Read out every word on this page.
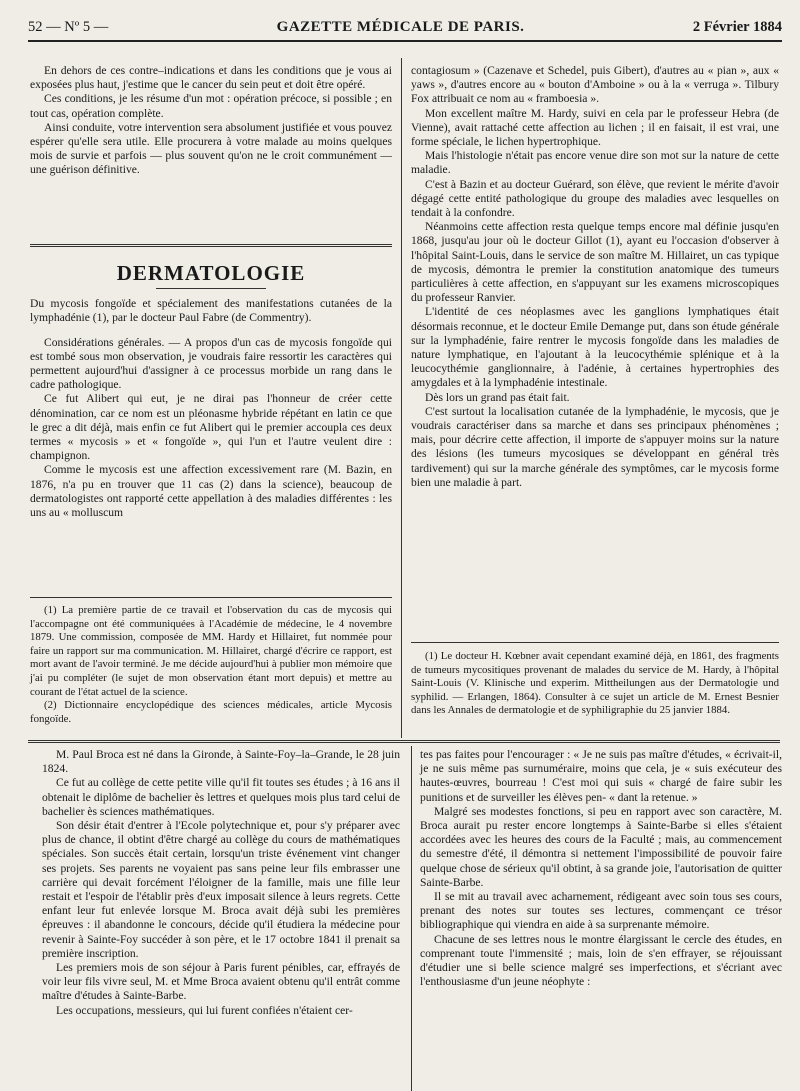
52 — Nº 5 —	GAZETTE MÉDICALE DE PARIS.	2 Février 1884

En dehors de ces contre–indications et dans les conditions que je vous ai exposées plus haut, j'estime que le cancer du sein peut et doit être opéré.

Ces conditions, je les résume d'un mot : opération précoce, si possible ; en tout cas, opération complète.

Ainsi conduite, votre intervention sera absolument justifiée et vous pouvez espérer qu'elle sera utile. Elle procurera à votre malade au moins quelques mois de survie et parfois — plus souvent qu'on ne le croit communément — une guérison définitive.

DERMATOLOGIE

Du mycosis fongoïde et spécialement des manifestations cutanées de la lymphadénie (1), par le docteur Paul Fabre (de Commentry).

Considérations générales. — A propos d'un cas de mycosis fongoïde qui est tombé sous mon observation, je voudrais faire ressortir les caractères qui permettent aujourd'hui d'assigner à ce processus morbide un rang dans le cadre pathologique.

Ce fut Alibert qui eut, je ne dirai pas l'honneur de créer cette dénomination, car ce nom est un pléonasme hybride répétant en latin ce que le grec a dit déjà, mais enfin ce fut Alibert qui le premier accoupla ces deux termes « mycosis » et « fongoïde », qui l'un et l'autre veulent dire : champignon.

Comme le mycosis est une affection excessivement rare (M. Bazin, en 1876, n'a pu en trouver que 11 cas (2) dans la science), beaucoup de dermatologistes ont rapporté cette appellation à des maladies différentes : les uns au « molluscum

(1) La première partie de ce travail et l'observation du cas de mycosis qui l'accompagne ont été communiquées à l'Académie de médecine, le 4 novembre 1879. Une commission, composée de MM. Hardy et Hillairet, fut nommée pour faire un rapport sur ma communication. M. Hillairet, chargé d'écrire ce rapport, est mort avant de l'avoir terminé. Je me décide aujourd'hui à publier mon mémoire que j'ai pu compléter (le sujet de mon observation étant mort depuis) et mettre au courant de l'état actuel de la science.

(2) Dictionnaire encyclopédique des sciences médicales, article Mycosis fongoïde.

contagiosum » (Cazenave et Schedel, puis Gibert), d'autres au « pian », aux « yaws », d'autres encore au « bouton d'Amboine » ou à la « verruga ». Tilbury Fox attribuait ce nom au « framboesia ».

Mon excellent maître M. Hardy, suivi en cela par le professeur Hebra (de Vienne), avait rattaché cette affection au lichen ; il en faisait, il est vrai, une forme spéciale, le lichen hypertrophique.

Mais l'histologie n'était pas encore venue dire son mot sur la nature de cette maladie.

C'est à Bazin et au docteur Guérard, son élève, que revient le mérite d'avoir dégagé cette entité pathologique du groupe des maladies avec lesquelles on tendait à la confondre.

Néanmoins cette affection resta quelque temps encore mal définie jusqu'en 1868, jusqu'au jour où le docteur Gillot (1), ayant eu l'occasion d'observer à l'hôpital Saint-Louis, dans le service de son maître M. Hillairet, un cas typique de mycosis, démontra le premier la constitution anatomique des tumeurs particulières à cette affection, en s'appuyant sur les examens microscopiques du professeur Ranvier.

L'identité de ces néoplasmes avec les ganglions lymphatiques était désormais reconnue, et le docteur Emile Demange put, dans son étude générale sur la lymphadénie, faire rentrer le mycosis fongoïde dans les maladies de nature lymphatique, en l'ajoutant à la leucocythémie splénique et à la leucocythémie ganglionnaire, à l'adénie, à certaines hypertrophies des amygdales et à la lymphadénie intestinale.

Dès lors un grand pas était fait.

C'est surtout la localisation cutanée de la lymphadénie, le mycosis, que je voudrais caractériser dans sa marche et dans ses principaux phénomènes ; mais, pour décrire cette affection, il importe de s'appuyer moins sur la nature des lésions (les tumeurs mycosiques se développant en général très tardivement) qui sur la marche générale des symptômes, car le mycosis forme bien une maladie à part.

(1) Le docteur H. Kœbner avait cependant examiné déjà, en 1861, des fragments de tumeurs mycositiques provenant de malades du service de M. Hardy, à l'hôpital Saint-Louis (V. Klinische und experim. Mittheilungen aus der Dermatologie und syphilid. — Erlangen, 1864). Consulter à ce sujet un article de M. Ernest Besnier dans les Annales de dermatologie et de syphiligraphie du 25 janvier 1884.

M. Paul Broca est né dans la Gironde, à Sainte-Foy–la–Grande, le 28 juin 1824.

Ce fut au collège de cette petite ville qu'il fit toutes ses études ; à 16 ans il obtenait le diplôme de bachelier ès lettres et quelques mois plus tard celui de bachelier ès sciences mathématiques.

Son désir était d'entrer à l'Ecole polytechnique et, pour s'y préparer avec plus de chance, il obtint d'être chargé au collège du cours de mathématiques spéciales. Son succès était certain, lorsqu'un triste événement vint changer ses projets. Ses parents ne voyaient pas sans peine leur fils embrasser une carrière qui devait forcément l'éloigner de la famille, mais une fille leur restait et l'espoir de l'établir près d'eux imposait silence à leurs regrets. Cette enfant leur fut enlevée lorsque M. Broca avait déjà subi les premières épreuves : il abandonne le concours, décide qu'il étudiera la médecine pour revenir à Sainte-Foy succéder à son père, et le 17 octobre 1841 il prenait sa première inscription.

Les premiers mois de son séjour à Paris furent pénibles, car, effrayés de voir leur fils vivre seul, M. et Mme Broca avaient obtenu qu'il entrât comme maître d'études à Sainte-Barbe.

Les occupations, messieurs, qui lui furent confiées n'étaient cer-

tes pas faites pour l'encourager : « Je ne suis pas maître d'études, « écrivait-il, je ne suis même pas surnuméraire, moins que cela, je « suis exécuteur des hautes-œuvres, bourreau ! C'est moi qui suis « chargé de faire subir les punitions et de surveiller les élèves pen- « dant la retenue. »

Malgré ses modestes fonctions, si peu en rapport avec son caractère, M. Broca aurait pu rester encore longtemps à Sainte-Barbe si elles s'étaient accordées avec les heures des cours de la Faculté ; mais, au commencement du semestre d'été, il démontra si nettement l'impossibilité de pouvoir faire quelque chose de sérieux qu'il obtint, à sa grande joie, l'autorisation de quitter Sainte-Barbe.

Il se mit au travail avec acharnement, rédigeant avec soin tous ses cours, prenant des notes sur toutes ses lectures, commençant ce trésor bibliographique qui viendra en aide à sa surprenante mémoire.

Chacune de ses lettres nous le montre élargissant le cercle des études, en comprenant toute l'immensité ; mais, loin de s'en effrayer, se réjouissant d'étudier une si belle science malgré ses imperfections, et s'écriant avec l'enthousiasme d'un jeune néophyte :
